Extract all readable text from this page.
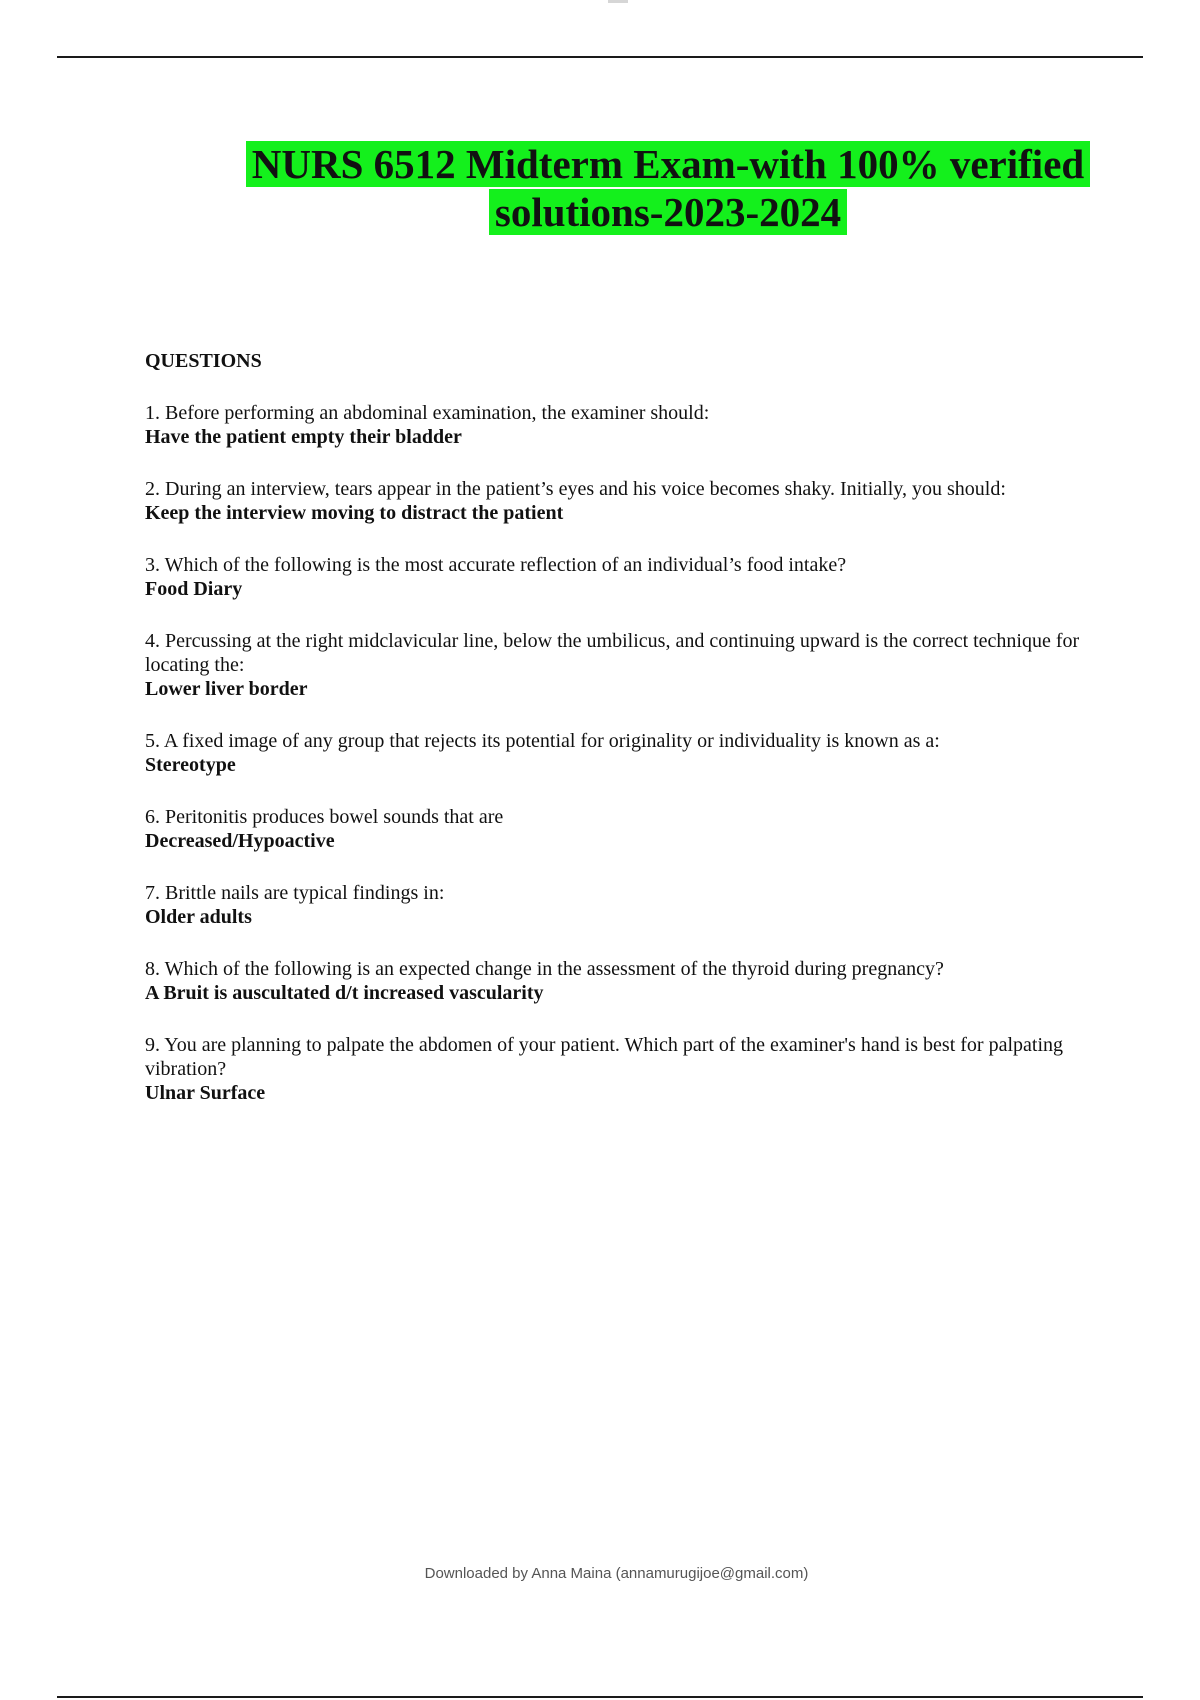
NURS 6512 Midterm Exam-with 100% verified
solutions-2023-2024

QUESTIONS

1. Before performing an abdominal examination, the examiner should:

Have the patient empty their bladder

2. During an interview, tears appear in the patient’s eyes and his voice becomes shaky. Initially, you should:

Keep the interview moving to distract the patient

3. Which of the following is the most accurate reflection of an individual’s food intake?

Food Diary

4. Percussing at the right midclavicular line, below the umbilicus, and continuing upward is the correct technique for locating the:

Lower liver border

5. A fixed image of any group that rejects its potential for originality or individuality is known as a:

Stereotype

6. Peritonitis produces bowel sounds that are

Decreased/Hypoactive

7. Brittle nails are typical findings in:

Older adults

8. Which of the following is an expected change in the assessment of the thyroid during pregnancy?

A Bruit is auscultated d/t increased vascularity

9. You are planning to palpate the abdomen of your patient. Which part of the examiner's hand is best for palpating vibration?

Ulnar Surface

Downloaded by Anna Maina (annamurugijoe@gmail.com)
